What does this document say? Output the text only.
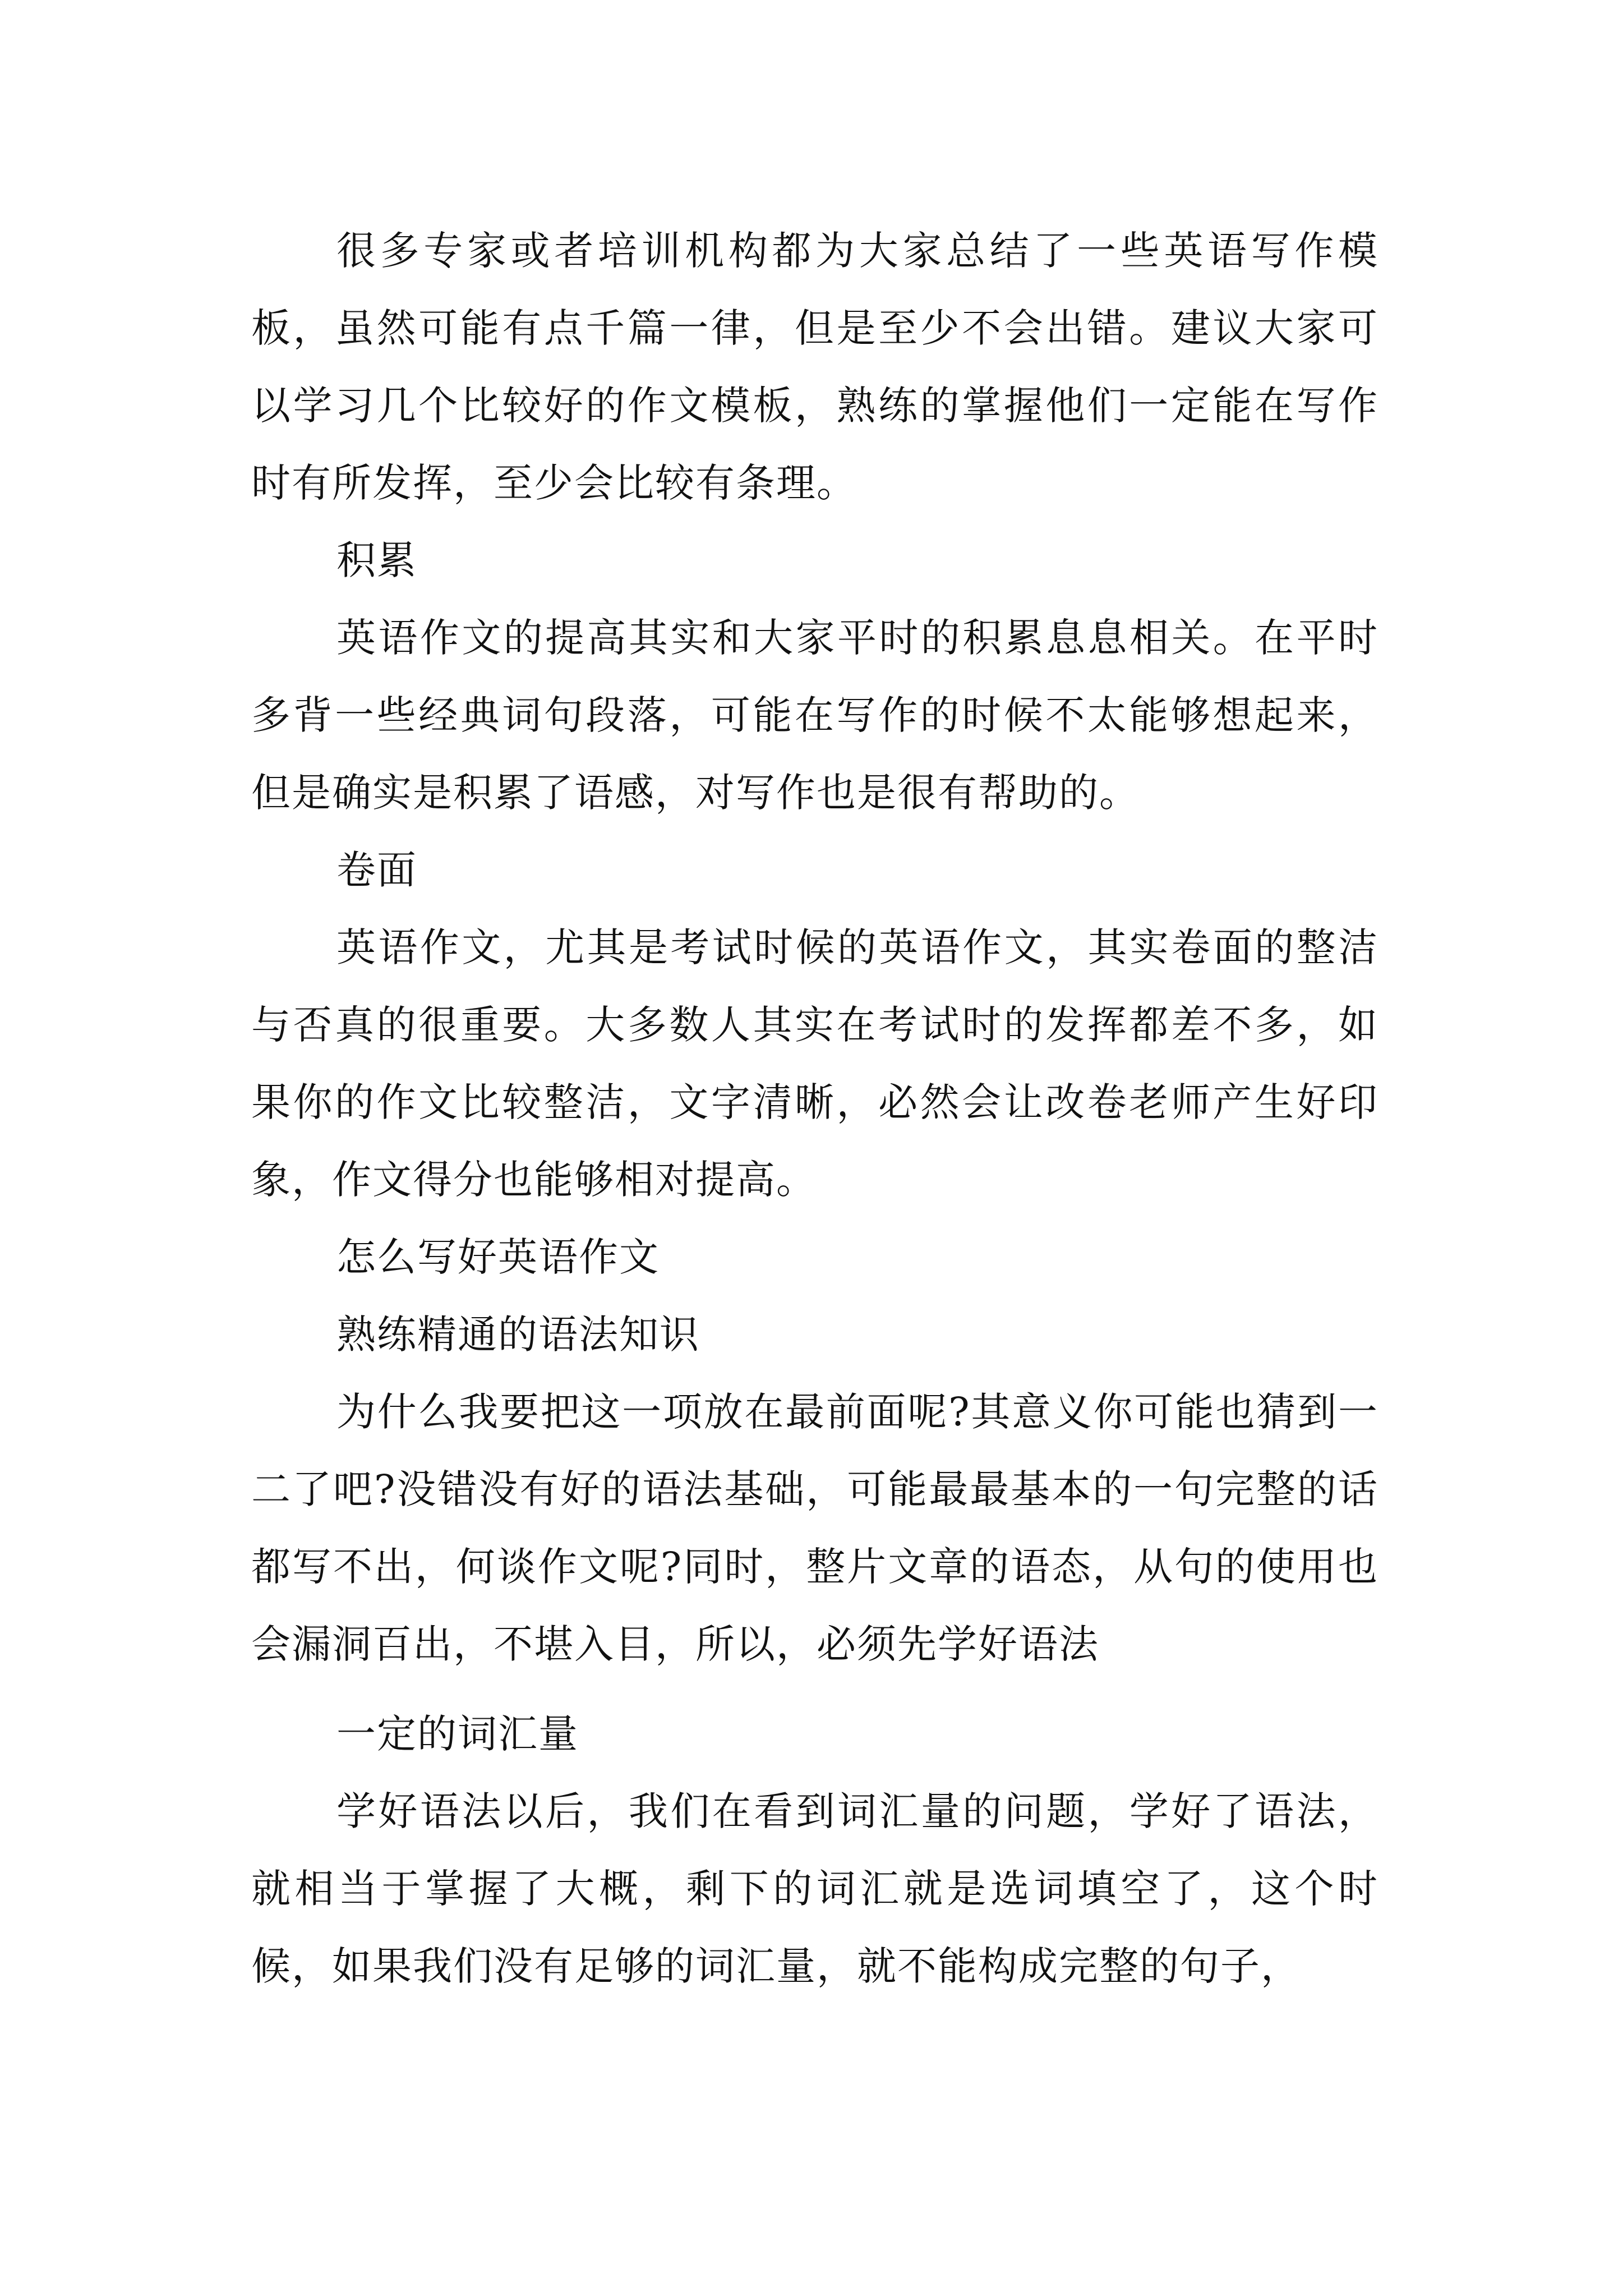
很多专家或者培训机构都为大家总结了一些英语写作模板，虽然可能有点千篇一律，但是至少不会出错。建议大家可以学习几个比较好的作文模板，熟练的掌握他们一定能在写作时有所发挥，至少会比较有条理。

积累

英语作文的提高其实和大家平时的积累息息相关。在平时多背一些经典词句段落，可能在写作的时候不太能够想起来，但是确实是积累了语感，对写作也是很有帮助的。

卷面

英语作文，尤其是考试时候的英语作文，其实卷面的整洁与否真的很重要。大多数人其实在考试时的发挥都差不多，如果你的作文比较整洁，文字清晰，必然会让改卷老师产生好印象，作文得分也能够相对提高。

怎么写好英语作文

熟练精通的语法知识

为什么我要把这一项放在最前面呢?其意义你可能也猜到一二了吧?没错没有好的语法基础，可能最最基本的一句完整的话都写不出，何谈作文呢?同时，整片文章的语态，从句的使用也会漏洞百出，不堪入目，所以，必须先学好语法

一定的词汇量

学好语法以后，我们在看到词汇量的问题，学好了语法，就相当于掌握了大概，剩下的词汇就是选词填空了，这个时候，如果我们没有足够的词汇量，就不能构成完整的句子，
